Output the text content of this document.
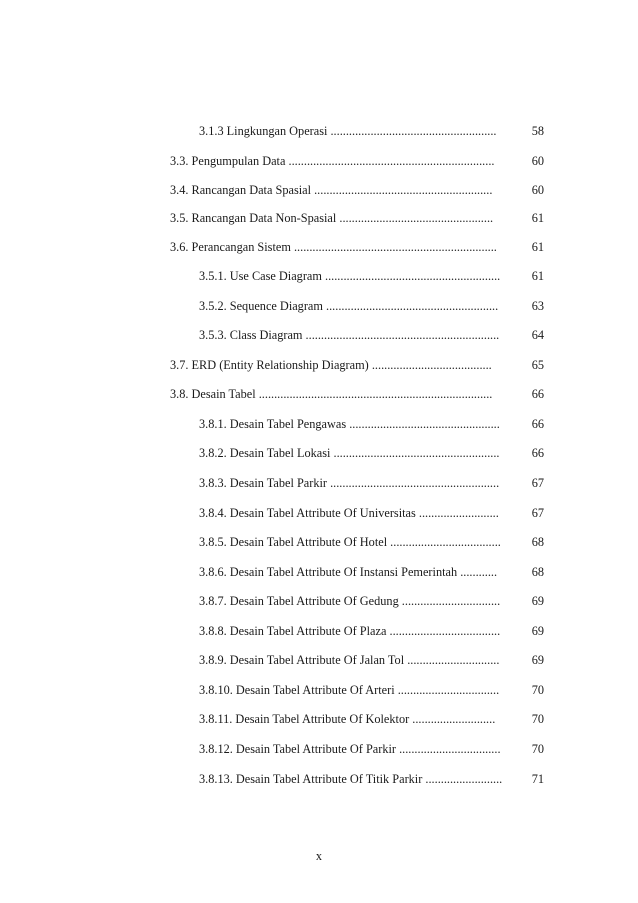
3.1.3 Lingkungan Operasi ......................................................	58
3.3. Pengumpulan Data ...................................................................	60
3.4. Rancangan Data Spasial ..........................................................	60
3.5. Rancangan Data Non-Spasial ..................................................	61
3.6. Perancangan Sistem ..................................................................	61
3.5.1. Use Case Diagram .........................................................	61
3.5.2. Sequence Diagram ........................................................	63
3.5.3. Class Diagram ...............................................................	64
3.7. ERD (Entity Relationship Diagram) .......................................	65
3.8. Desain Tabel ............................................................................	66
3.8.1. Desain Tabel Pengawas .................................................	66
3.8.2. Desain Tabel Lokasi ......................................................	66
3.8.3. Desain Tabel Parkir .......................................................	67
3.8.4. Desain Tabel Attribute Of Universitas ..........................	67
3.8.5. Desain Tabel Attribute Of Hotel ....................................	68
3.8.6. Desain Tabel Attribute Of Instansi Pemerintah ............	68
3.8.7. Desain Tabel Attribute Of Gedung ................................	69
3.8.8. Desain Tabel Attribute Of Plaza ....................................	69
3.8.9. Desain Tabel Attribute Of Jalan Tol ..............................	69
3.8.10. Desain Tabel Attribute Of Arteri .................................	70
3.8.11. Desain Tabel Attribute Of Kolektor ...........................	70
3.8.12. Desain Tabel Attribute Of Parkir .................................	70
3.8.13. Desain Tabel Attribute Of Titik Parkir .........................	71
x
